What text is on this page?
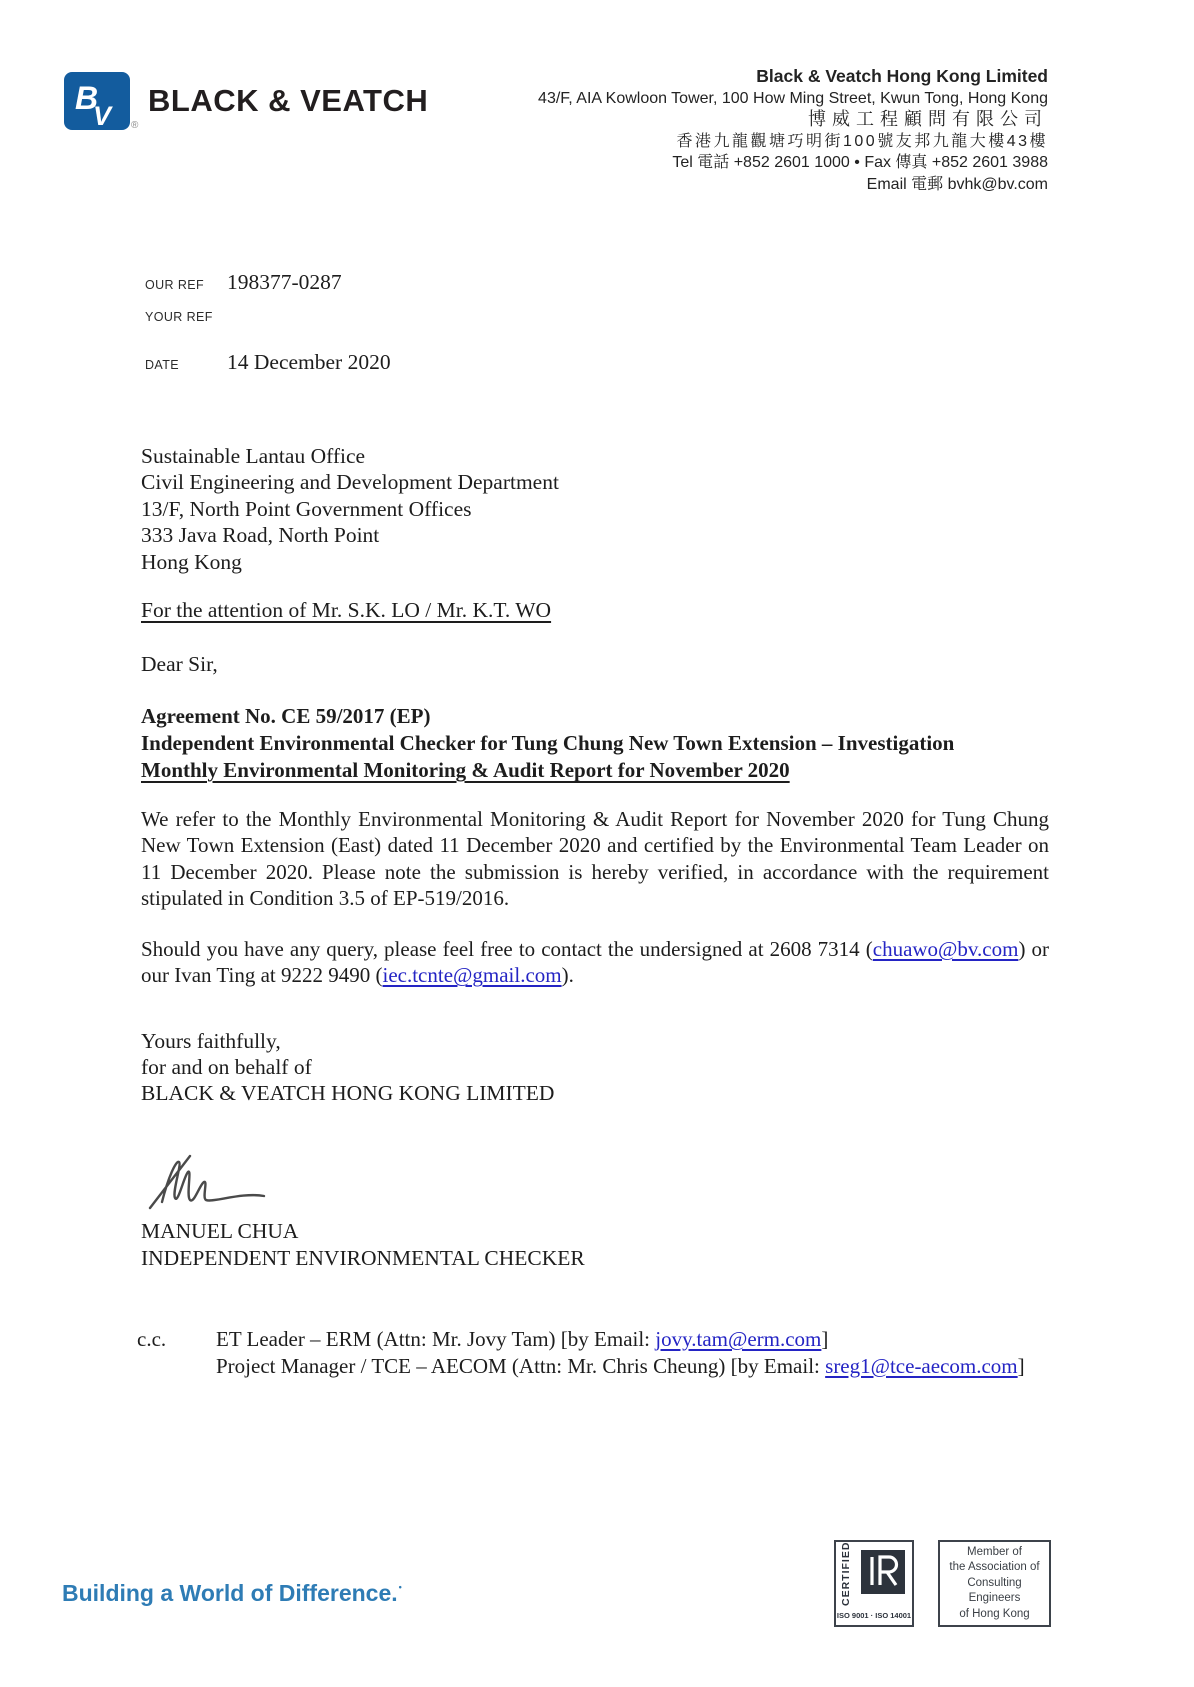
B
V BLACK & VEATCH
®
Black & Veatch Hong Kong Limited
43/F, AIA Kowloon Tower, 100 How Ming Street, Kwun Tong, Hong Kong
博威工程顧問有限公司
香港九龍觀塘巧明街100號友邦九龍大樓43樓
Tel 電話 +852 2601 1000 • Fax 傳真 +852 2601 3988
Email 電郵 bvhk@bv.com
OUR REF	198377-0287
YOUR REF
DATE	14 December 2020
Sustainable Lantau Office
Civil Engineering and Development Department
13/F, North Point Government Offices
333 Java Road, North Point
Hong Kong
For the attention of Mr. S.K. LO / Mr. K.T. WO
Dear Sir,
Agreement No. CE 59/2017 (EP)
Independent Environmental Checker for Tung Chung New Town Extension – Investigation
Monthly Environmental Monitoring & Audit Report for November 2020

We refer to the Monthly Environmental Monitoring & Audit Report for November 2020 for Tung Chung New Town Extension (East) dated 11 December 2020 and certified by the Environmental Team Leader on 11 December 2020. Please note the submission is hereby verified, in accordance with the requirement stipulated in Condition 3.5 of EP-519/2016.

Should you have any query, please feel free to contact the undersigned at 2608 7314 (chuawo@bv.com) or our Ivan Ting at 9222 9490 (iec.tcnte@gmail.com).

Yours faithfully,
for and on behalf of
BLACK & VEATCH HONG KONG LIMITED
MANUEL CHUA
INDEPENDENT ENVIRONMENTAL CHECKER
c.c.	ET Leader – ERM (Attn: Mr. Jovy Tam) [by Email: jovy.tam@erm.com]

Project Manager / TCE – AECOM (Attn: Mr. Chris Cheung) [by Email: sreg1@tce-aecom.com]

Building a World of Difference.•	CERTIFIED
ISO 9001 · ISO 14001
Member of
the Association of
Consulting Engineers
of Hong Kong
